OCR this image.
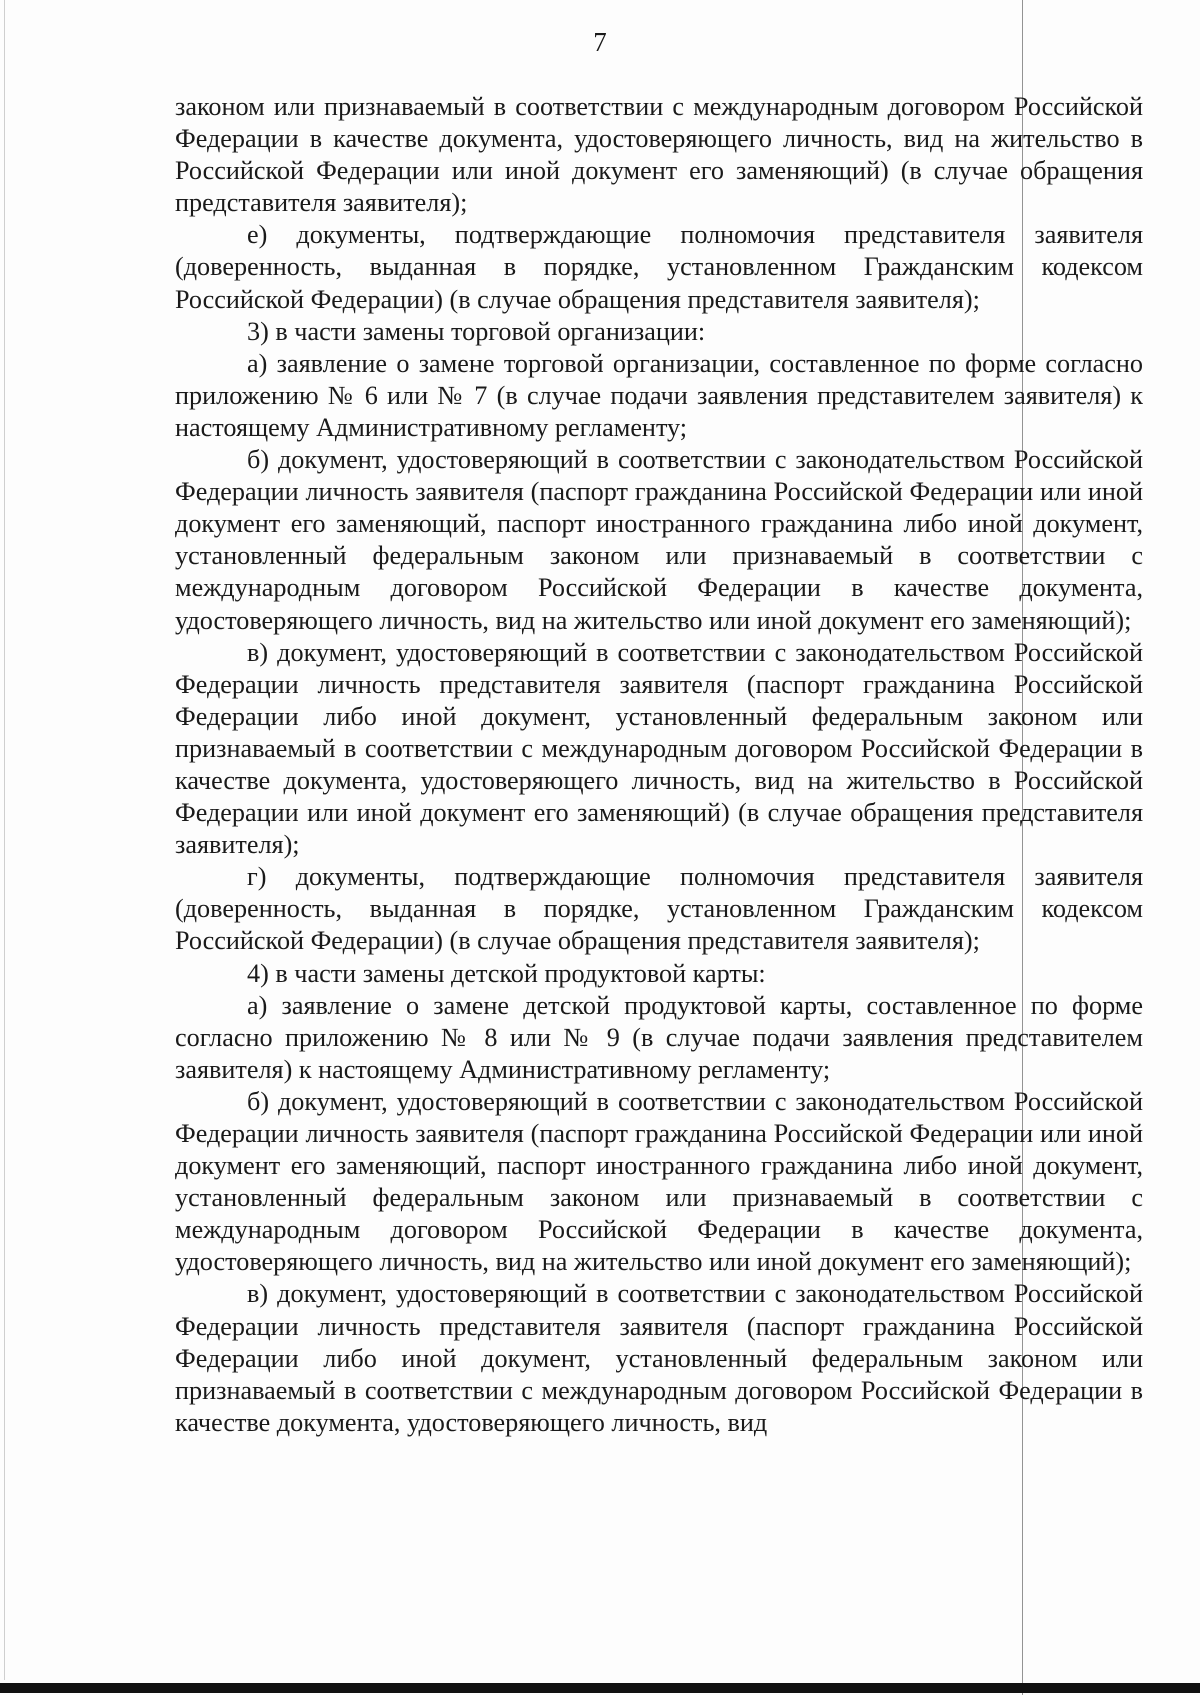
7

законом или признаваемый в соответствии с международным договором Российской Федерации в качестве документа, удостоверяющего личность, вид на жительство в Российской Федерации или иной документ его заменяющий) (в случае обращения представителя заявителя);

е) документы, подтверждающие полномочия представителя заявителя (доверенность, выданная в порядке, установленном Гражданским кодексом Российской Федерации) (в случае обращения представителя заявителя);

3) в части замены торговой организации:

а) заявление о замене торговой организации, составленное по форме согласно приложению № 6 или № 7 (в случае подачи заявления представителем заявителя) к настоящему Административному регламенту;

б) документ, удостоверяющий в соответствии с законодательством Российской Федерации личность заявителя (паспорт гражданина Российской Федерации или иной документ его заменяющий, паспорт иностранного гражданина либо иной документ, установленный федеральным законом или признаваемый в соответствии с международным договором Российской Федерации в качестве документа, удостоверяющего личность, вид на жительство или иной документ его заменяющий);

в) документ, удостоверяющий в соответствии с законодательством Российской Федерации личность представителя заявителя (паспорт гражданина Российской Федерации либо иной документ, установленный федеральным законом или признаваемый в соответствии с международным договором Российской Федерации в качестве документа, удостоверяющего личность, вид на жительство в Российской Федерации или иной документ его заменяющий) (в случае обращения представителя заявителя);

г) документы, подтверждающие полномочия представителя заявителя (доверенность, выданная в порядке, установленном Гражданским кодексом Российской Федерации) (в случае обращения представителя заявителя);

4) в части замены детской продуктовой карты:

а) заявление о замене детской продуктовой карты, составленное по форме согласно приложению № 8 или № 9 (в случае подачи заявления представителем заявителя) к настоящему Административному регламенту;

б) документ, удостоверяющий в соответствии с законодательством Российской Федерации личность заявителя (паспорт гражданина Российской Федерации или иной документ его заменяющий, паспорт иностранного гражданина либо иной документ, установленный федеральным законом или признаваемый в соответствии с международным договором Российской Федерации в качестве документа, удостоверяющего личность, вид на жительство или иной документ его заменяющий);

в) документ, удостоверяющий в соответствии с законодательством Российской Федерации личность представителя заявителя (паспорт гражданина Российской Федерации либо иной документ, установленный федеральным законом или признаваемый в соответствии с международным договором Российской Федерации в качестве документа, удостоверяющего личность, вид
